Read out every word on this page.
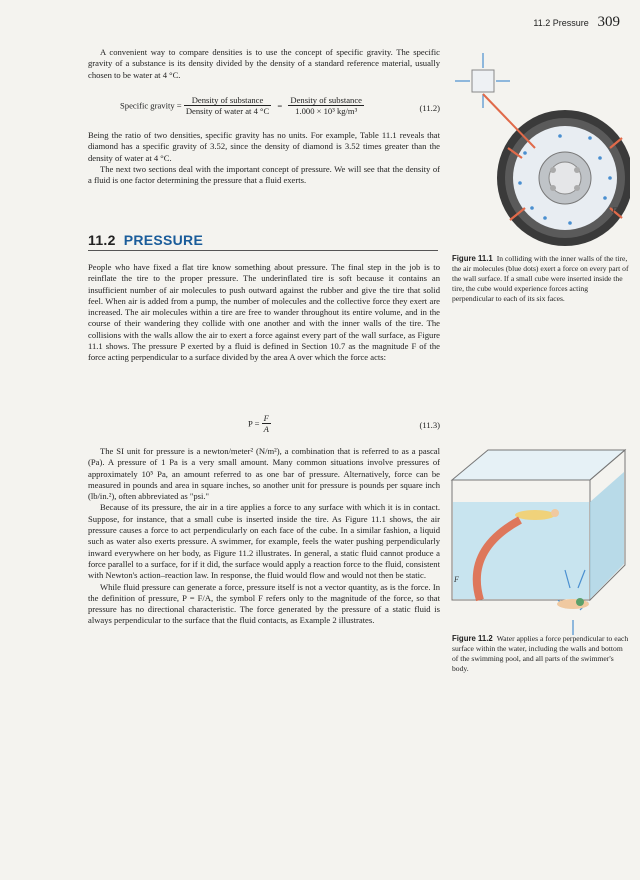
11.2 Pressure 309

A convenient way to compare densities is to use the concept of specific gravity. The specific gravity of a substance is its density divided by the density of a standard reference material, usually chosen to be water at 4 °C.

Specific gravity = $\frac{\text{Density of substance}}{\text{Density of water at 4 °C}} = \frac{\text{Density of substance}}{\text{1.000 × 10³ kg/m³}}$	(11.2)

Being the ratio of two densities, specific gravity has no units. For example, Table 11.1 reveals that diamond has a specific gravity of 3.52, since the density of diamond is 3.52 times greater than the density of water at 4 °C.

The next two sections deal with the important concept of pressure. We will see that the density of a fluid is one factor determining the pressure that a fluid exerts.

11.2 PRESSURE

People who have fixed a flat tire know something about pressure. The final step in the job is to reinflate the tire to the proper pressure. The underinflated tire is soft because it contains an insufficient number of air molecules to push outward against the rubber and give the tire that solid feel. When air is added from a pump, the number of molecules and the collective force they exert are increased. The air molecules within a tire are free to wander throughout its entire volume, and in the course of their wandering they collide with one another and with the inner walls of the tire. The collisions with the walls allow the air to exert a force against every part of the wall surface, as Figure 11.1 shows. The pressure P exerted by a fluid is defined in Section 10.7 as the magnitude F of the force acting perpendicular to a surface divided by the area A over which the force acts:

$P = \frac{F}{A}$	(11.3)

The SI unit for pressure is a newton/meter² (N/m²), a combination that is referred to as a pascal (Pa). A pressure of 1 Pa is a very small amount. Many common situations involve pressures of approximately 10⁵ Pa, an amount referred to as one bar of pressure. Alternatively, force can be measured in pounds and area in square inches, so another unit for pressure is pounds per square inch (lb/in.²), often abbreviated as "psi."

Because of its pressure, the air in a tire applies a force to any surface with which it is in contact. Suppose, for instance, that a small cube is inserted inside the tire. As Figure 11.1 shows, the air pressure causes a force to act perpendicularly on each face of the cube. In a similar fashion, a liquid such as water also exerts pressure. A swimmer, for example, feels the water pushing perpendicularly inward everywhere on her body, as Figure 11.2 illustrates. In general, a static fluid cannot produce a force parallel to a surface, for if it did, the surface would apply a reaction force to the fluid, consistent with Newton's action–reaction law. In response, the fluid would flow and would not then be static.

While fluid pressure can generate a force, pressure itself is not a vector quantity, as is the force. In the definition of pressure, P = F/A, the symbol F refers only to the magnitude of the force, so that pressure has no directional characteristic. The force generated by the pressure of a static fluid is always perpendicular to the surface that the fluid contacts, as Example 2 illustrates.

F
Figure 11.1 In colliding with the inner walls of the tire, the air molecules (blue dots) exert a force on every part of the wall surface. If a small cube were inserted inside the tire, the cube would experience forces acting perpendicular to each of its six faces.
F
Figure 11.2 Water applies a force perpendicular to each surface within the water, including the walls and bottom of the swimming pool, and all parts of the swimmer's body.
